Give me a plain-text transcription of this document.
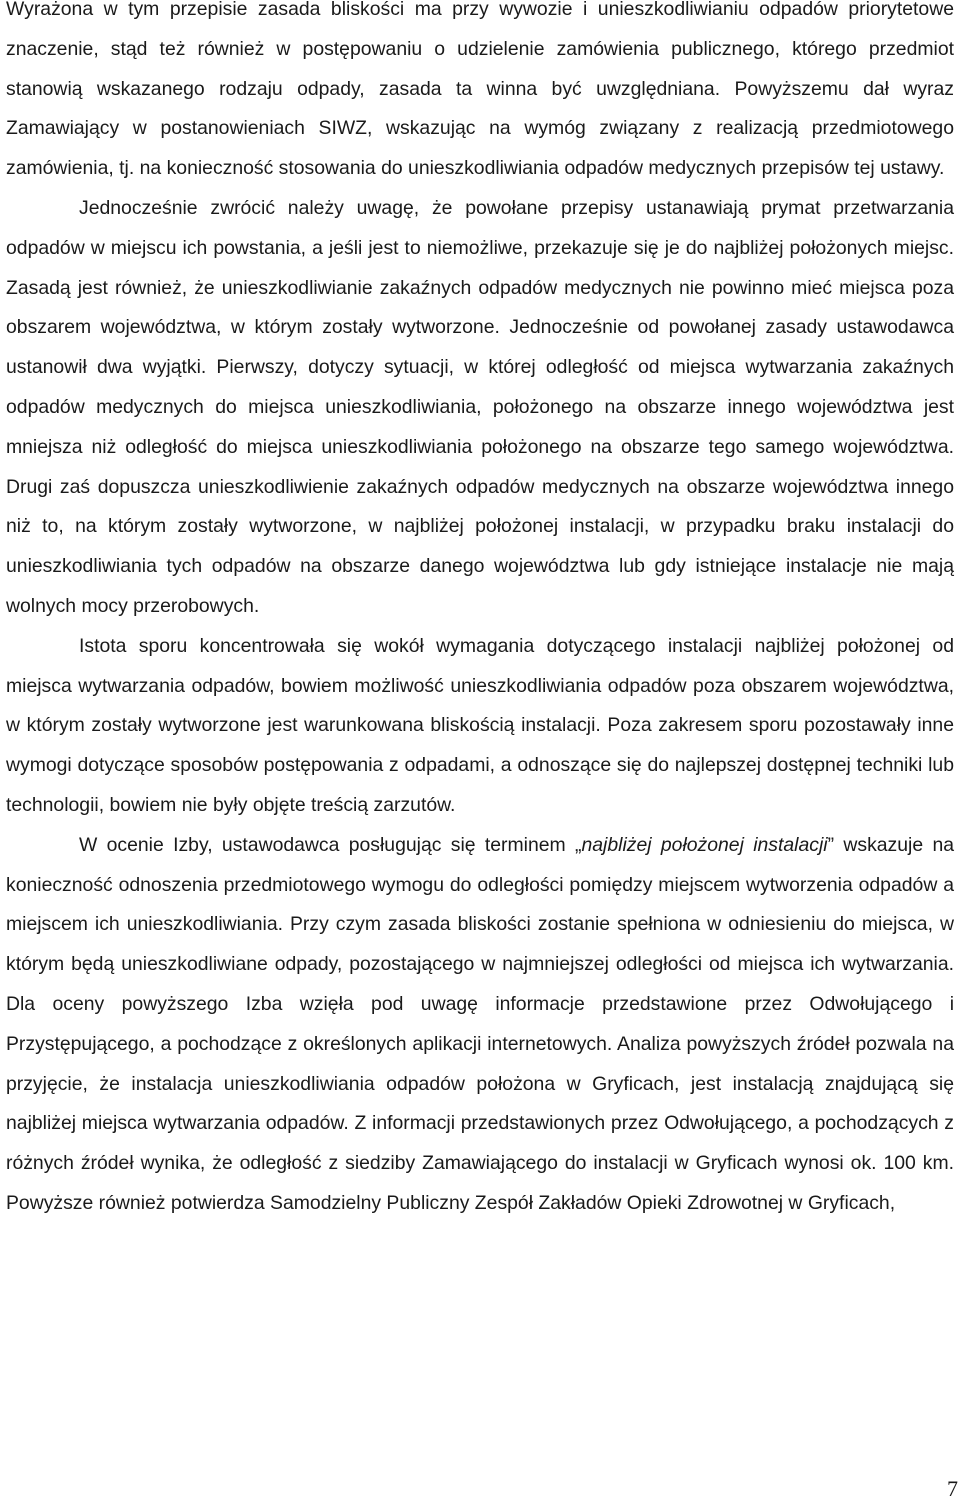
Wyrażona w tym przepisie zasada bliskości ma przy wywozie i unieszkodliwianiu odpadów priorytetowe znaczenie, stąd też również w postępowaniu o udzielenie zamówienia publicznego, którego przedmiot stanowią wskazanego rodzaju odpady, zasada ta winna być uwzględniana. Powyższemu dał wyraz Zamawiający w postanowieniach SIWZ, wskazując na wymóg związany z realizacją przedmiotowego zamówienia, tj. na konieczność stosowania do unieszkodliwiania odpadów medycznych przepisów tej ustawy.

Jednocześnie zwrócić należy uwagę, że powołane przepisy ustanawiają prymat przetwarzania odpadów w miejscu ich powstania, a jeśli jest to niemożliwe, przekazuje się je do najbliżej położonych miejsc. Zasadą jest również, że unieszkodliwianie zakaźnych odpadów medycznych nie powinno mieć miejsca poza obszarem województwa, w którym zostały wytworzone. Jednocześnie od powołanej zasady ustawodawca ustanowił dwa wyjątki. Pierwszy, dotyczy sytuacji, w której odległość od miejsca wytwarzania zakaźnych odpadów medycznych do miejsca unieszkodliwiania, położonego na obszarze innego województwa jest mniejsza niż odległość do miejsca unieszkodliwiania położonego na obszarze tego samego województwa. Drugi zaś dopuszcza unieszkodliwienie zakaźnych odpadów medycznych na obszarze województwa innego niż to, na którym zostały wytworzone, w najbliżej położonej instalacji, w przypadku braku instalacji do unieszkodliwiania tych odpadów na obszarze danego województwa lub gdy istniejące instalacje nie mają wolnych mocy przerobowych.

Istota sporu koncentrowała się wokół wymagania dotyczącego instalacji najbliżej położonej od miejsca wytwarzania odpadów, bowiem możliwość unieszkodliwiania odpadów poza obszarem województwa, w którym zostały wytworzone jest warunkowana bliskością instalacji. Poza zakresem sporu pozostawały inne wymogi dotyczące sposobów postępowania z odpadami, a odnoszące się do najlepszej dostępnej techniki lub technologii, bowiem nie były objęte treścią zarzutów.

W ocenie Izby, ustawodawca posługując się terminem „najbliżej położonej instalacji” wskazuje na konieczność odnoszenia przedmiotowego wymogu do odległości pomiędzy miejscem wytworzenia odpadów a miejscem ich unieszkodliwiania. Przy czym zasada bliskości zostanie spełniona w odniesieniu do miejsca, w którym będą unieszkodliwiane odpady, pozostającego w najmniejszej odległości od miejsca ich wytwarzania. Dla oceny powyższego Izba wzięła pod uwagę informacje przedstawione przez Odwołującego i Przystępującego, a pochodzące z określonych aplikacji internetowych. Analiza powyższych źródeł pozwala na przyjęcie, że instalacja unieszkodliwiania odpadów położona w Gryficach, jest instalacją znajdującą się najbliżej miejsca wytwarzania odpadów. Z informacji przedstawionych przez Odwołującego, a pochodzących z różnych źródeł wynika, że odległość z siedziby Zamawiającego do instalacji w Gryficach wynosi ok. 100 km. Powyższe również potwierdza Samodzielny Publiczny Zespół Zakładów Opieki Zdrowotnej w Gryficach,

7
